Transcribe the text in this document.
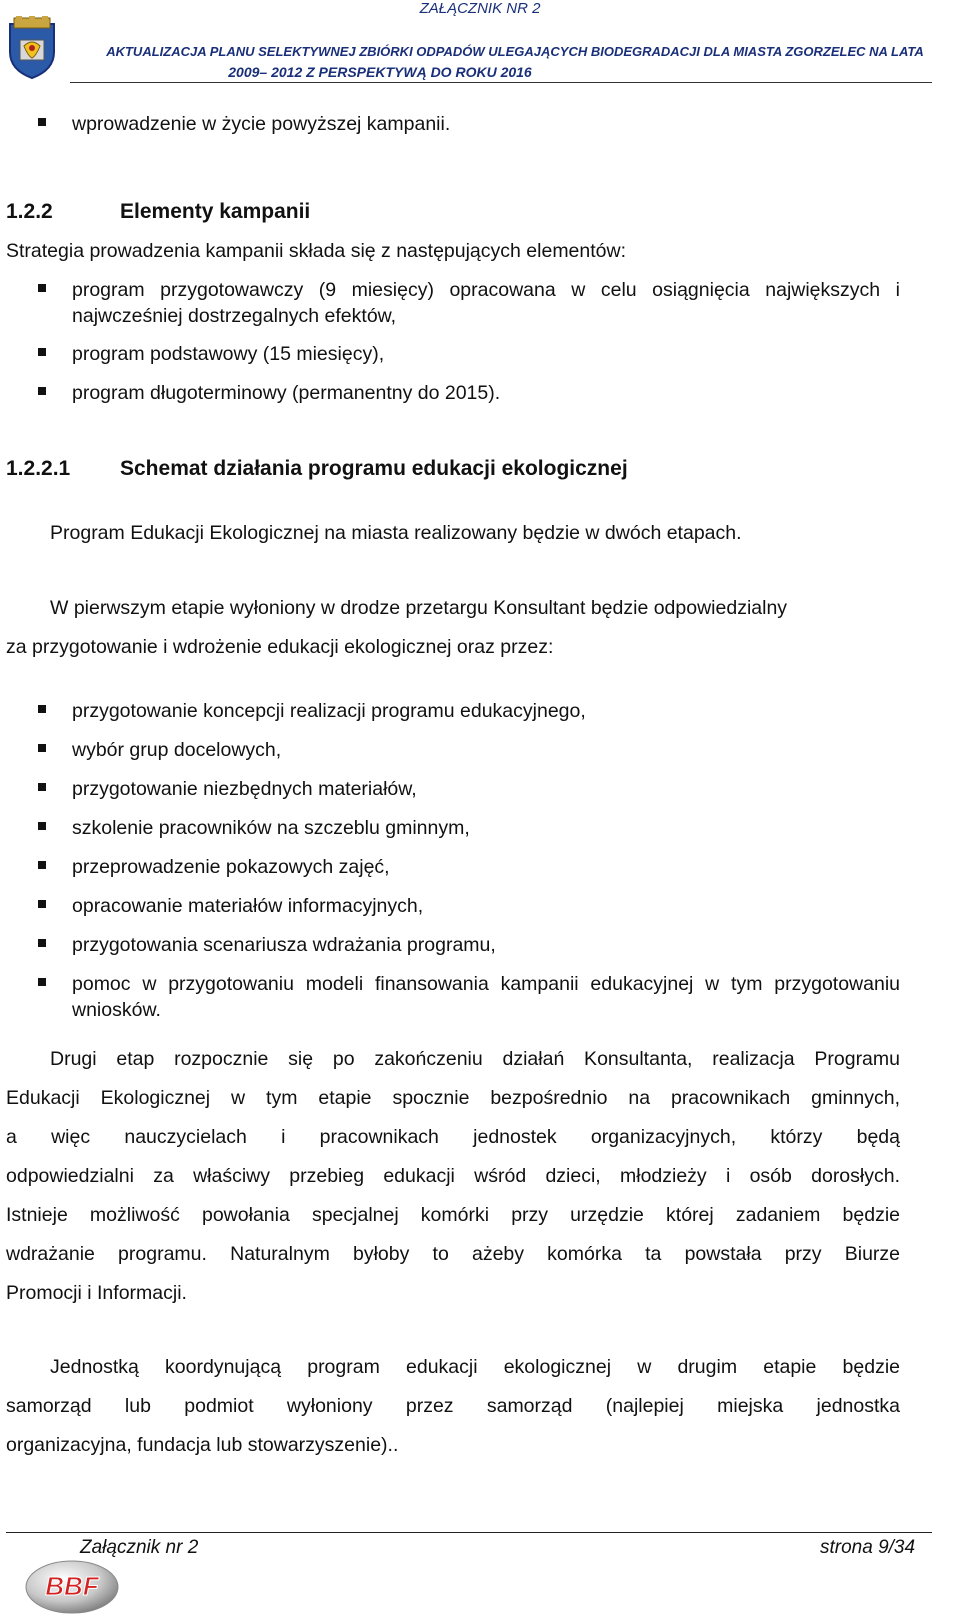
ZAŁĄCZNIK NR 2
AKTUALIZACJA PLANU SELEKTYWNEJ ZBIÓRKI ODPADÓW ULEGAJĄCYCH BIODEGRADACJI DLA MIASTA ZGORZELEC NA LATA
2009– 2012 Z PERSPEKTYWĄ DO ROKU 2016
wprowadzenie w życie powyższej kampanii.
1.2.2	Elementy kampanii
Strategia prowadzenia kampanii składa się z następujących elementów:
program przygotowawczy (9 miesięcy) opracowana w celu osiągnięcia największych i najwcześniej dostrzegalnych efektów,
program podstawowy (15 miesięcy),
program długoterminowy (permanentny do 2015).
1.2.2.1 Schemat działania programu edukacji ekologicznej
Program Edukacji Ekologicznej na miasta realizowany będzie w dwóch etapach.
W pierwszym etapie wyłoniony w drodze przetargu Konsultant będzie odpowiedzialny
za przygotowanie i wdrożenie edukacji ekologicznej oraz przez:
przygotowanie koncepcji realizacji programu edukacyjnego,
wybór grup docelowych,
przygotowanie niezbędnych materiałów,
szkolenie pracowników na szczeblu gminnym,
przeprowadzenie pokazowych zajęć,
opracowanie materiałów informacyjnych,
przygotowania scenariusza wdrażania programu,
pomoc w przygotowaniu modeli finansowania kampanii edukacyjnej w tym przygotowaniu wniosków.
Drugi etap rozpocznie się po zakończeniu działań Konsultanta, realizacja Programu
Edukacji Ekologicznej w tym etapie spocznie bezpośrednio na pracownikach gminnych,
a więc nauczycielach i pracownikach jednostek organizacyjnych, którzy będą
odpowiedzialni za właściwy przebieg edukacji wśród dzieci, młodzieży i osób dorosłych.
Istnieje możliwość powołania specjalnej komórki przy urzędzie której zadaniem będzie
wdrażanie programu. Naturalnym byłoby to ażeby komórka ta powstała przy Biurze
Promocji i Informacji.
Jednostką koordynującą program edukacji ekologicznej w drugim etapie będzie
samorząd lub podmiot wyłoniony przez samorząd (najlepiej miejska jednostka
organizacyjna, fundacja lub stowarzyszenie)..
Załącznik nr 2	strona 9/34
BBF
